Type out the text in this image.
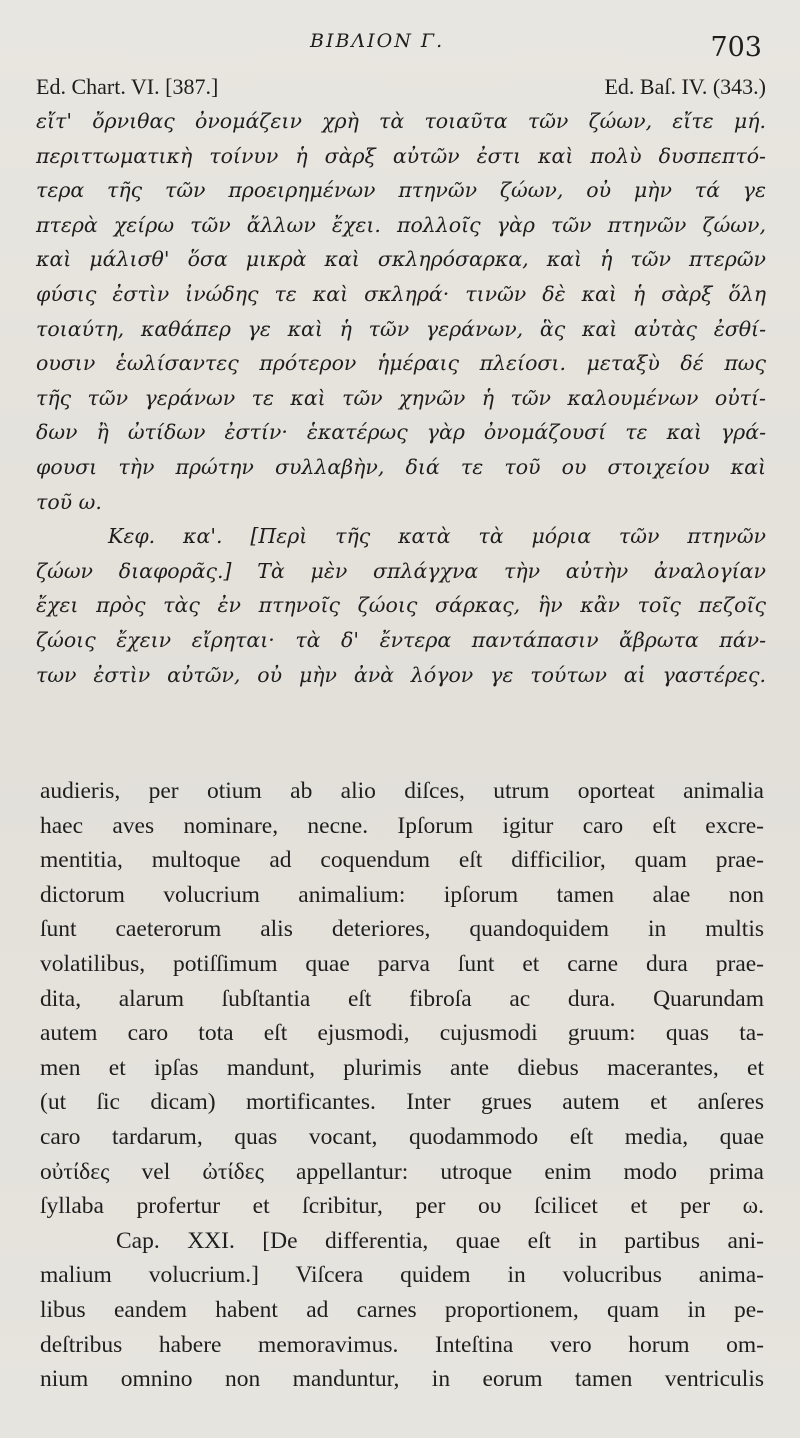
ΒΙΒΛΙΟΝ Γ.	703
Ed. Chart. VI. [387.]	Ed. Baſ. IV. (343.)
εἴτ' ὄρνιθας ὀνομάζειν χρὴ τὰ τοιαῦτα τῶν ζώων, εἴτε μή.
περιττωματικὴ τοίνυν ἡ σὰρξ αὐτῶν ἐστι καὶ πολὺ δυσπεπτό-
τερα τῆς τῶν προειρημένων πτηνῶν ζώων, οὐ μὴν τά γε
πτερὰ χείρω τῶν ἄλλων ἔχει. πολλοῖς γὰρ τῶν πτηνῶν ζώων,
καὶ μάλισθ' ὅσα μικρὰ καὶ σκληρόσαρκα, καὶ ἡ τῶν πτερῶν
φύσις ἐστὶν ἰνώδης τε καὶ σκληρά· τινῶν δὲ καὶ ἡ σὰρξ ὅλη
τοιαύτη, καθάπερ γε καὶ ἡ τῶν γεράνων, ἃς καὶ αὐτὰς ἐσθί-
ουσιν ἑωλίσαντες πρότερον ἡμέραις πλείοσι. μεταξὺ δέ πως
τῆς τῶν γεράνων τε καὶ τῶν χηνῶν ἡ τῶν καλουμένων οὐτί-
δων ἢ ὠτίδων ἐστίν· ἑκατέρως γὰρ ὀνομάζουσί τε καὶ γρά-
φουσι τὴν πρώτην συλλαβὴν, διά τε τοῦ ου στοιχείου καὶ
τοῦ ω.
Κεφ. κα'. [Περὶ τῆς κατὰ τὰ μόρια τῶν πτηνῶν
ζώων διαφορᾶς.] Τὰ μὲν σπλάγχνα τὴν αὐτὴν ἀναλογίαν
ἔχει πρὸς τὰς ἐν πτηνοῖς ζώοις σάρκας, ἣν κἂν τοῖς πεζοῖς
ζώοις ἔχειν εἴρηται· τὰ δ' ἔντερα παντάπασιν ἄβρωτα πάν-
των ἐστὶν αὐτῶν, οὐ μὴν ἀνὰ λόγον γε τούτων αἱ γαστέρες.
audieris, per otium ab alio diſces, utrum oporteat animalia
haec aves nominare, necne. Ipſorum igitur caro eſt excre-
mentitia, multoque ad coquendum eſt difficilior, quam prae-
dictorum volucrium animalium: ipſorum tamen alae non
ſunt caeterorum alis deteriores, quandoquidem in multis
volatilibus, potiſſimum quae parva ſunt et carne dura prae-
dita, alarum ſubſtantia eſt fibroſa ac dura. Quarundam
autem caro tota eſt ejusmodi, cujusmodi gruum: quas ta-
men et ipſas mandunt, plurimis ante diebus macerantes, et
(ut ſic dicam) mortificantes. Inter grues autem et anſeres
caro tardarum, quas vocant, quodammodo eſt media, quae
οὐτίδες vel ὠτίδες appellantur: utroque enim modo prima
ſyllaba profertur et ſcribitur, per ου ſcilicet et per ω.
Cap. XXI. [De differentia, quae eſt in partibus ani-
malium volucrium.] Viſcera quidem in volucribus anima-
libus eandem habent ad carnes proportionem, quam in pe-
deſtribus habere memoravimus. Inteſtina vero horum om-
nium omnino non manduntur, in eorum tamen ventriculis
